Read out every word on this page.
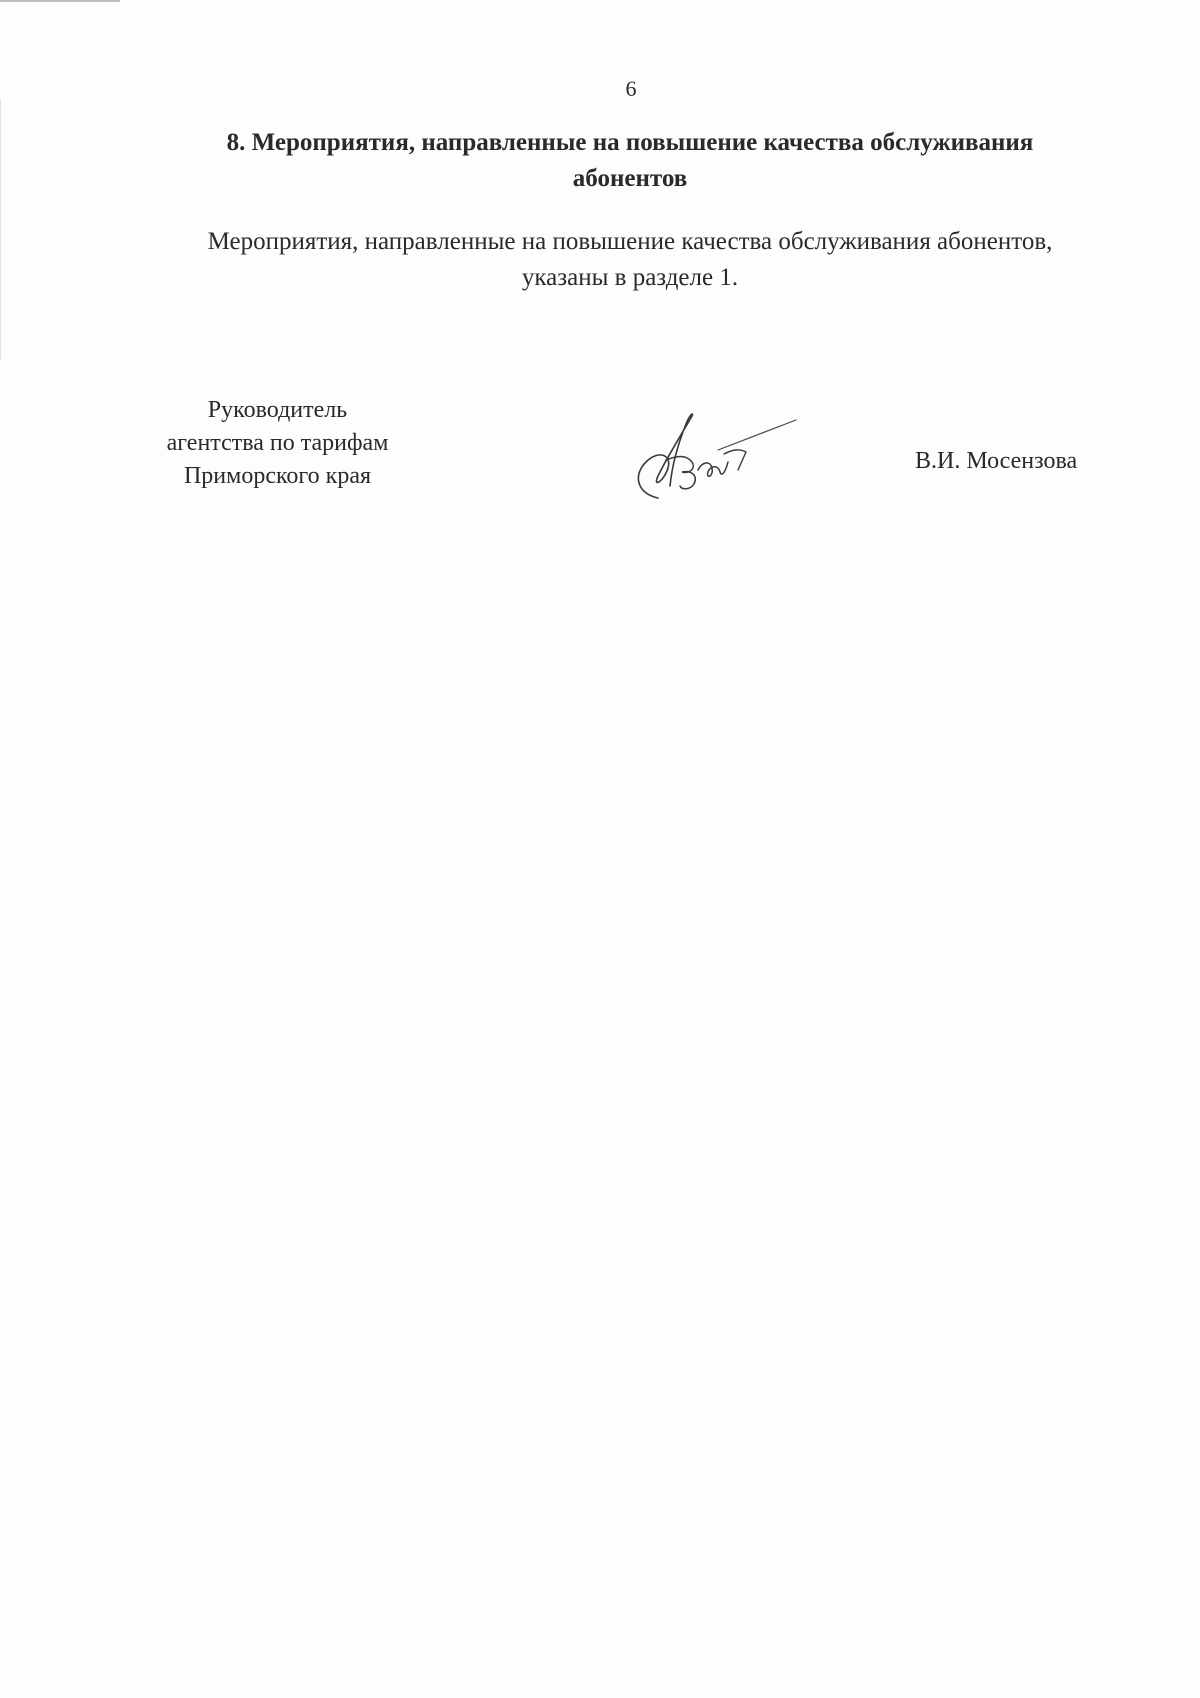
6
8. Мероприятия, направленные на повышение качества обслуживания
абонентов
Мероприятия, направленные на повышение качества обслуживания абонентов,
указаны в разделе 1.
Руководитель
агентства по тарифам
Приморского края
В.И. Мосензова
